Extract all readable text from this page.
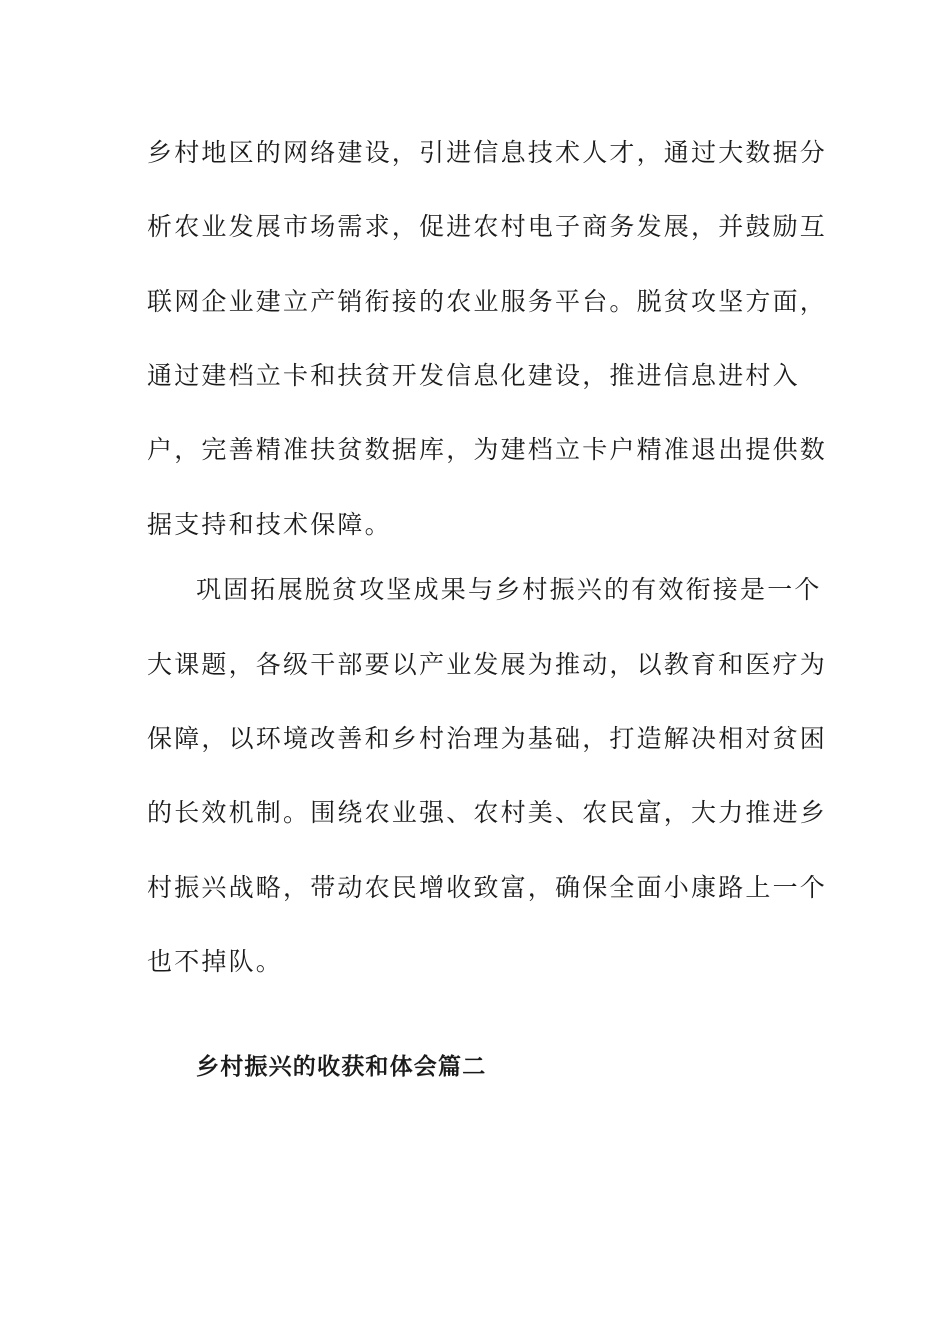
乡村地区的网络建设，引进信息技术人才，通过大数据分
析农业发展市场需求，促进农村电子商务发展，并鼓励互
联网企业建立产销衔接的农业服务平台。脱贫攻坚方面，
通过建档立卡和扶贫开发信息化建设，推进信息进村入
户，完善精准扶贫数据库，为建档立卡户精准退出提供数
据支持和技术保障。
巩固拓展脱贫攻坚成果与乡村振兴的有效衔接是一个
大课题，各级干部要以产业发展为推动，以教育和医疗为
保障，以环境改善和乡村治理为基础，打造解决相对贫困
的长效机制。围绕农业强、农村美、农民富，大力推进乡
村振兴战略，带动农民增收致富，确保全面小康路上一个
也不掉队。
乡村振兴的收获和体会篇二
